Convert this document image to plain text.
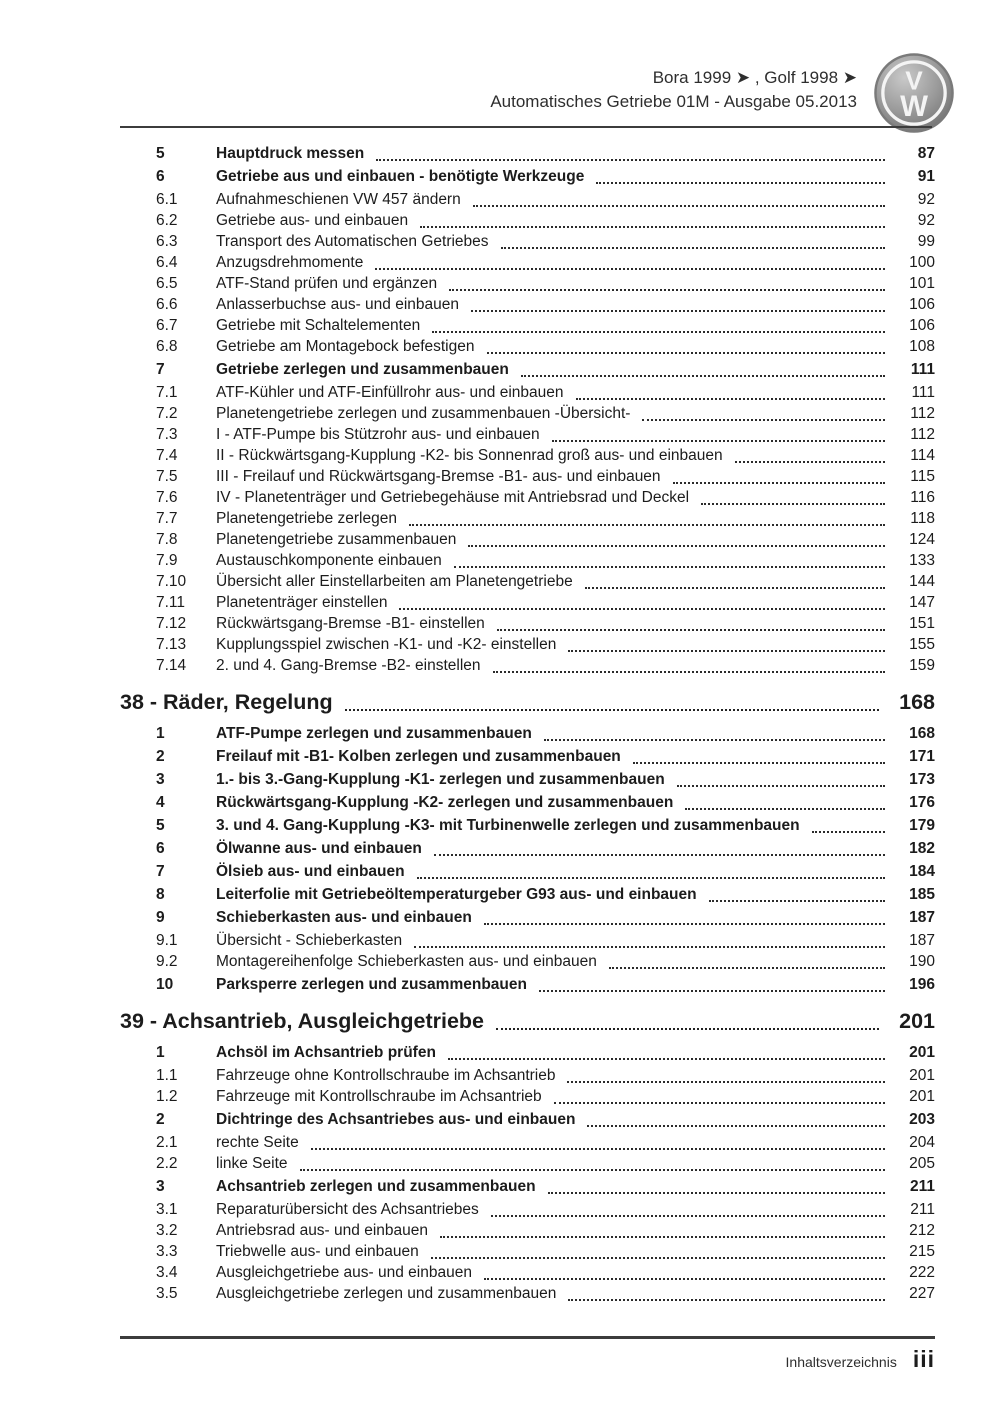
Bora 1999 ➤ , Golf 1998 ➤
Automatisches Getriebe 01M - Ausgabe 05.2013
V
W
5	Hauptdruck messen	87
6	Getriebe aus und einbauen - benötigte Werkzeuge	91
6.1	Aufnahmeschienen VW 457 ändern	92
6.2	Getriebe aus- und einbauen	92
6.3	Transport des Automatischen Getriebes	99
6.4	Anzugsdrehmomente	100
6.5	ATF-Stand prüfen und ergänzen	101
6.6	Anlasserbuchse aus- und einbauen	106
6.7	Getriebe mit Schaltelementen	106
6.8	Getriebe am Montagebock befestigen	108
7	Getriebe zerlegen und zusammenbauen	111
7.1	ATF-Kühler und ATF-Einfüllrohr aus- und einbauen	111
7.2	Planetengetriebe zerlegen und zusammenbauen -Übersicht-	112
7.3	I - ATF-Pumpe bis Stützrohr aus- und einbauen	112
7.4	II - Rückwärtsgang-Kupplung -K2- bis Sonnenrad groß aus- und einbauen	114
7.5	III - Freilauf und Rückwärtsgang-Bremse -B1- aus- und einbauen	115
7.6	IV - Planetenträger und Getriebegehäuse mit Antriebsrad und Deckel	116
7.7	Planetengetriebe zerlegen	118
7.8	Planetengetriebe zusammenbauen	124
7.9	Austauschkomponente einbauen	133
7.10	Übersicht aller Einstellarbeiten am Planetengetriebe	144
7.11	Planetenträger einstellen	147
7.12	Rückwärtsgang-Bremse -B1- einstellen	151
7.13	Kupplungsspiel zwischen -K1- und -K2- einstellen	155
7.14	2. und 4. Gang-Bremse -B2- einstellen	159
38 - Räder, Regelung	168
1	ATF-Pumpe zerlegen und zusammenbauen	168
2	Freilauf mit -B1- Kolben zerlegen und zusammenbauen	171
3	1.- bis 3.-Gang-Kupplung -K1- zerlegen und zusammenbauen	173
4	Rückwärtsgang-Kupplung -K2- zerlegen und zusammenbauen	176
5	3. und 4. Gang-Kupplung -K3- mit Turbinenwelle zerlegen und zusammenbauen	179
6	Ölwanne aus- und einbauen	182
7	Ölsieb aus- und einbauen	184
8	Leiterfolie mit Getriebeöltemperaturgeber G93 aus- und einbauen	185
9	Schieberkasten aus- und einbauen	187
9.1	Übersicht - Schieberkasten	187
9.2	Montagereihenfolge Schieberkasten aus- und einbauen	190
10	Parksperre zerlegen und zusammenbauen	196
39 - Achsantrieb, Ausgleichgetriebe	201
1	Achsöl im Achsantrieb prüfen	201
1.1	Fahrzeuge ohne Kontrollschraube im Achsantrieb	201
1.2	Fahrzeuge mit Kontrollschraube im Achsantrieb	201
2	Dichtringe des Achsantriebes aus- und einbauen	203
2.1	rechte Seite	204
2.2	linke Seite	205
3	Achsantrieb zerlegen und zusammenbauen	211
3.1	Reparaturübersicht des Achsantriebes	211
3.2	Antriebsrad aus- und einbauen	212
3.3	Triebwelle aus- und einbauen	215
3.4	Ausgleichgetriebe aus- und einbauen	222
3.5	Ausgleichgetriebe zerlegen und zusammenbauen	227
Inhaltsverzeichnis iii
